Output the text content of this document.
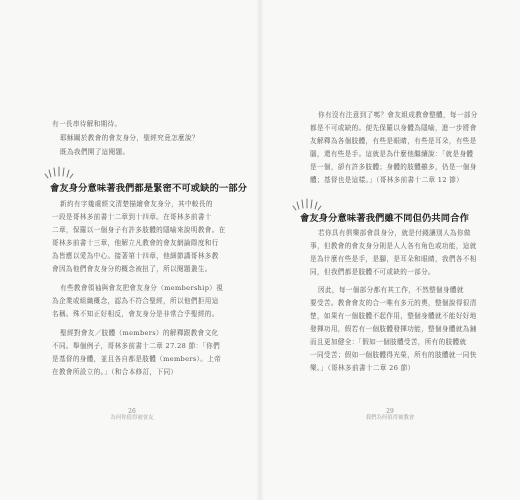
有一長串待解和期待。
耶穌關於教會的會友身分，聖經究竟怎麼說？
既為我們開了這閱題。
會友身分意味著我們都是緊密不可或缺的一部分
新約有字幾處經文清楚描繪會友身分，其中較長的
一段是哥林多前書十二章到十四章。在哥林多前書十
二章，保羅以一個身子有許多肢體的隱喻來說明教會。在
哥林多前書十三章，他解立凡教會的會友網論際度和行
為皆應以愛為中心。接著第十四章，他細節講哥林多教
會因為他們會友身分的概念被扭了，所以閱題叢生。
有些教會領袖與會友把會友身分（membership）視
為企業或組織概念，認為不符合聖經，所以他們拒用這
名稱。殊不知正好相反，會友身分是非常合乎聖經的。
聖經對會友／肢體（members）的解釋跟教會文化
不同。舉個例子，哥林多前書十二章 27.28 節：「你們
是基督的身體，並且各自都是肢體（members）。上帝
在教會所設立的。」（和合本修訂，下同）
26
為何你值得被會友
你有沒有注意到了嗎？會友組成教會整體，每一部分
都是不可或缺的。便先保羅以身體為隱喻，進一步將會
友解釋為各個肢體，有些是眼睛，有些是耳朵，有些是
腦，還有些是手。這就是為什麼他繼續說：「就是身體
是一個，卻有許多肢體；身體的肢體雖多，仍是一個身
體；基督也是這樣。」（哥林多前書十二章 12 節）
會友身分意味著我們雖不同但仍共同合作
若你具有俱樂部會員身分，就是付錢讓別人為你做
事，但教會的會友身分則是人人各有角色或功能，這就
是為什麼有些是手，是腳，是耳朵和眼睛，我們各不相
同，但我們都是肢體不可或缺的一部分。
因此，每一個部分都有其工作，不然整個身體就
要受苦。教會會友的合一唯有多元的奧，整個說得很清
楚，如果有一個肢體不起作用，整個身體就不能好好地
發揮功用，假若有一個肢體發揮功能，整個身體就為鋪
而且更加健全：「假如一個肢體受苦，所有的肢體就
一同受苦；假如一個肢體得光榮，所有的肢體就一同快
樂。」（哥林多前書十二章 26 節）
29
我們為何值得被教會
